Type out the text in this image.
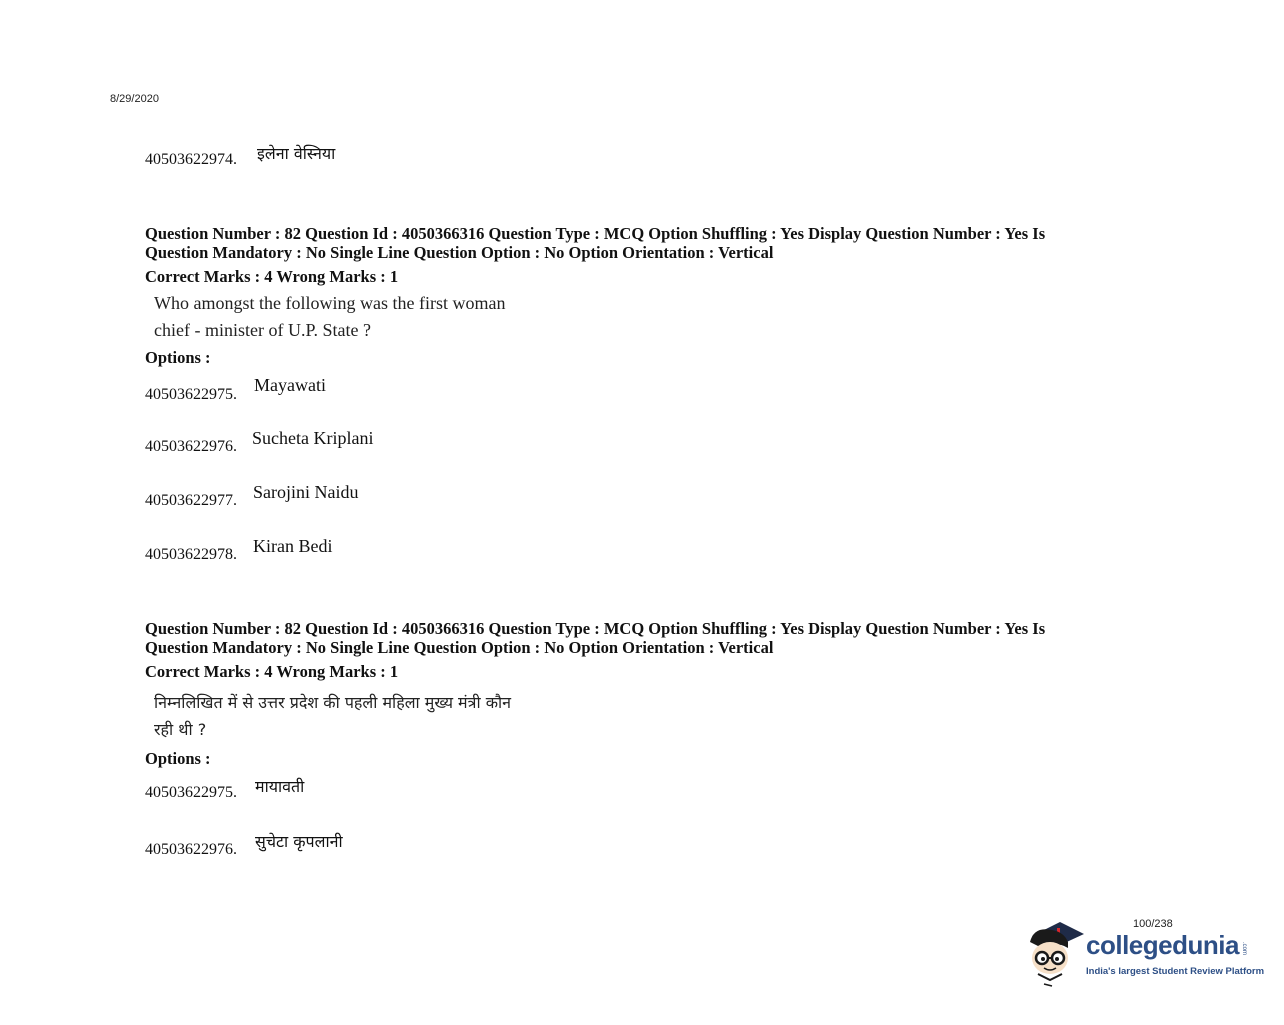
8/29/2020
40503622974. इलेना वेस्निया
Question Number : 82 Question Id : 4050366316 Question Type : MCQ Option Shuffling : Yes Display Question Number : Yes Is Question Mandatory : No Single Line Question Option : No Option Orientation : Vertical
Correct Marks : 4 Wrong Marks : 1
Who amongst the following was the first woman chief - minister of U.P. State ?
Options :
40503622975. Mayawati
40503622976. Sucheta Kriplani
40503622977. Sarojini Naidu
40503622978. Kiran Bedi
Question Number : 82 Question Id : 4050366316 Question Type : MCQ Option Shuffling : Yes Display Question Number : Yes Is Question Mandatory : No Single Line Question Option : No Option Orientation : Vertical
Correct Marks : 4 Wrong Marks : 1
निम्नलिखित में से उत्तर प्रदेश की पहली महिला मुख्य मंत्री कौन रही थी ?
Options :
40503622975. मायावती
40503622976. सुचेटा कृपलानी
100/238
collegedunia .com
India's largest Student Review Platform
